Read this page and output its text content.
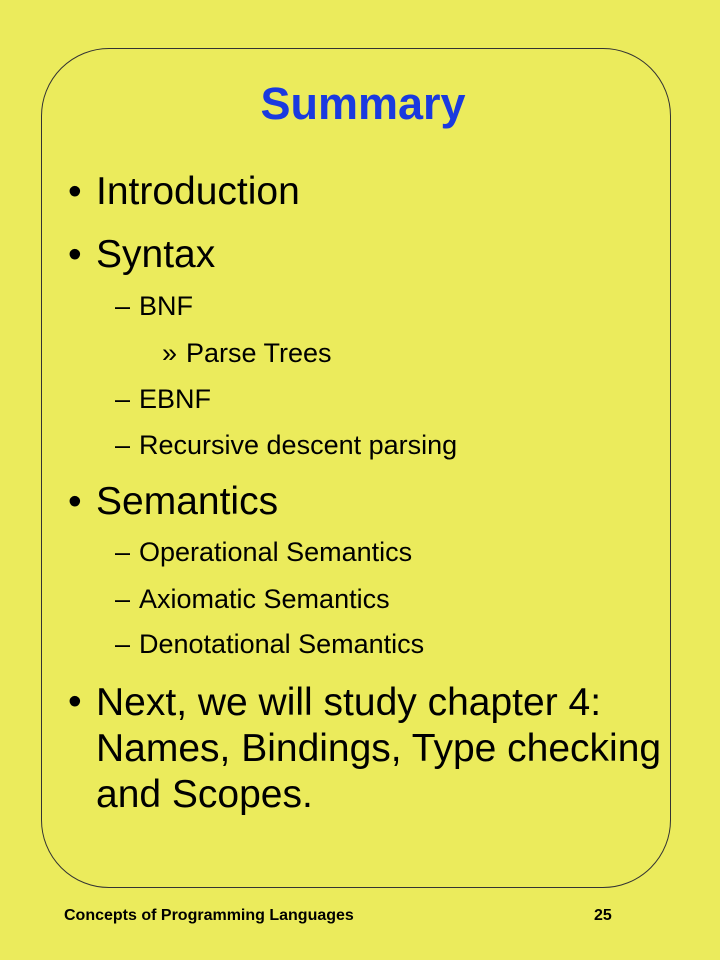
Summary
• Introduction
• Syntax
– BNF
» Parse Trees
– EBNF
– Recursive descent parsing
• Semantics
– Operational Semantics
– Axiomatic Semantics
– Denotational Semantics
• Next, we will study chapter 4: Names, Bindings, Type checking and Scopes.
Concepts of Programming Languages	25
